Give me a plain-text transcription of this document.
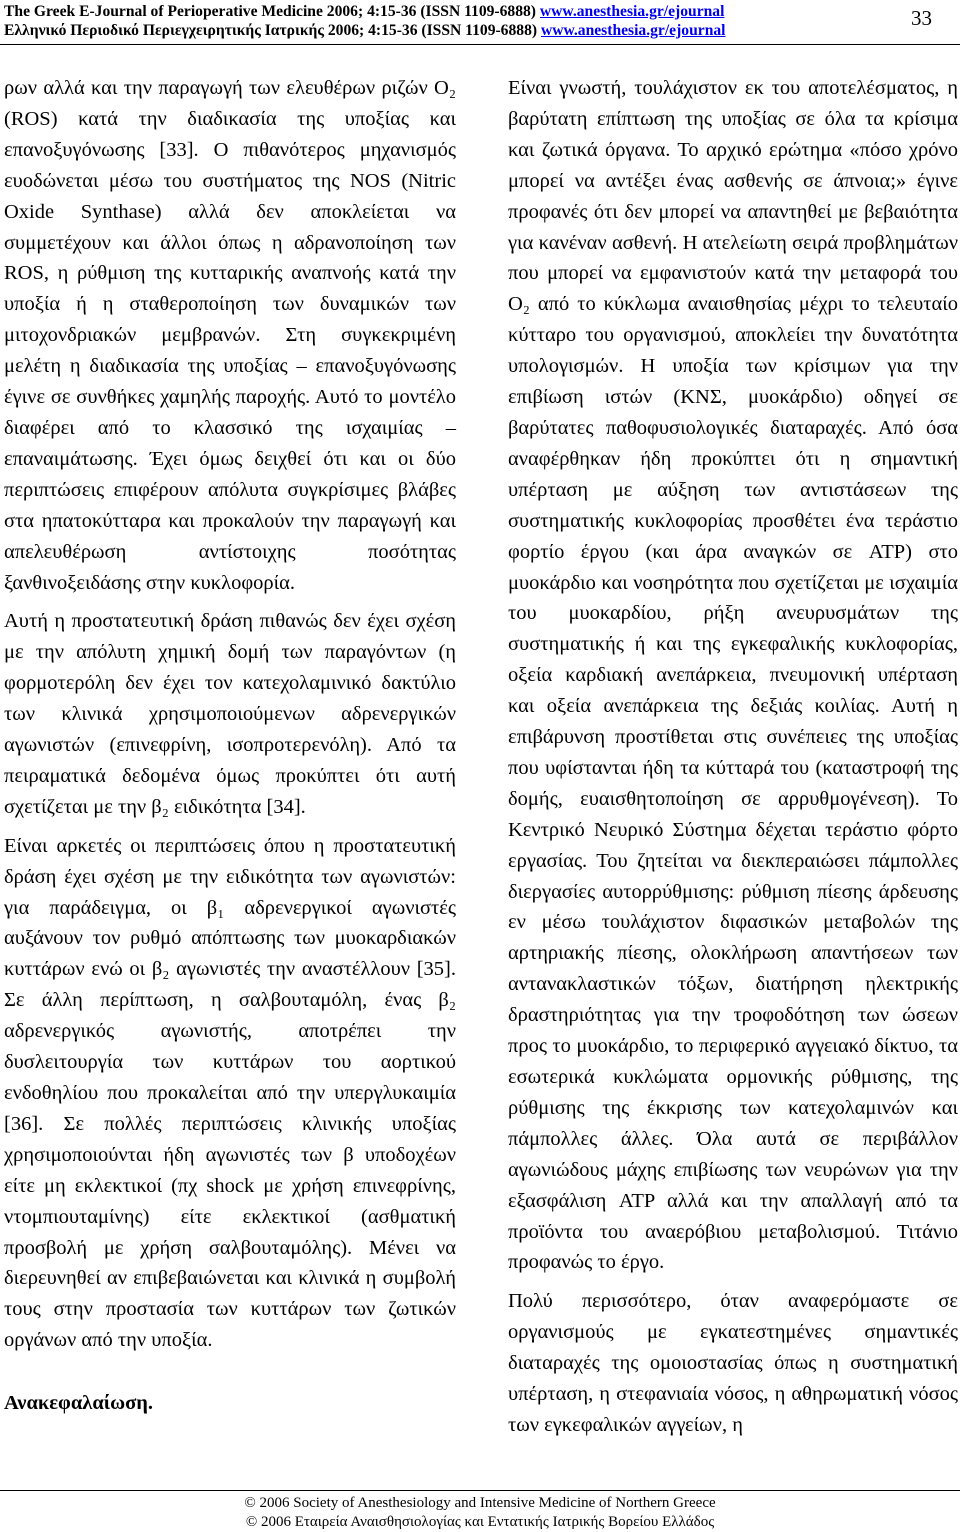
The Greek E-Journal of Perioperative Medicine 2006; 4:15-36 (ISSN 1109-6888) www.anesthesia.gr/ejournal
Ελληνικό Περιοδικό Περιεγχειρητικής Ιατρικής 2006; 4:15-36 (ISSN 1109-6888) www.anesthesia.gr/ejournal
33

ρων αλλά και την παραγωγή των ελευθέρων ριζών O₂ (ROS) κατά την διαδικασία της υποξίας και επανοξυγόνωσης [33]. Ο πιθανότερος μηχανισμός ευοδώνεται μέσω του συστήματος της NOS (Nitric Oxide Synthase) αλλά δεν αποκλείεται να συμμετέχουν και άλλοι όπως η αδρανοποίηση των ROS, η ρύθμιση της κυτταρικής αναπνοής κατά την υποξία ή η σταθεροποίηση των δυναμικών των μιτοχονδριακών μεμβρανών. Στη συγκεκριμένη μελέτη η διαδικασία της υποξίας – επανοξυγόνωσης έγινε σε συνθήκες χαμηλής παροχής. Αυτό το μοντέλο διαφέρει από το κλασσικό της ισχαιμίας – επαναιμάτωσης. Έχει όμως δειχθεί ότι και οι δύο περιπτώσεις επιφέρουν απόλυτα συγκρίσιμες βλάβες στα ηπατοκύτταρα και προκαλούν την παραγωγή και απελευθέρωση αντίστοιχης ποσότητας ξανθινοξειδάσης στην κυκλοφορία.

Αυτή η προστατευτική δράση πιθανώς δεν έχει σχέση με την απόλυτη χημική δομή των παραγόντων (η φορμοτερόλη δεν έχει τον κατεχολαμινικό δακτύλιο των κλινικά χρησιμοποιούμενων αδρενεργικών αγωνιστών (επινεφρίνη, ισοπροτερενόλη). Από τα πειραματικά δεδομένα όμως προκύπτει ότι αυτή σχετίζεται με την β₂ ειδικότητα [34].

Είναι αρκετές οι περιπτώσεις όπου η προστατευτική δράση έχει σχέση με την ειδικότητα των αγωνιστών: για παράδειγμα, οι β₁ αδρενεργικοί αγωνιστές αυξάνουν τον ρυθμό απόπτωσης των μυοκαρδιακών κυττάρων ενώ οι β₂ αγωνιστές την αναστέλλουν [35]. Σε άλλη περίπτωση, η σαλβουταμόλη, ένας β₂ αδρενεργικός αγωνιστής, αποτρέπει την δυσλειτουργία των κυττάρων του αορτικού ενδοθηλίου που προκαλείται από την υπεργλυκαιμία [36]. Σε πολλές περιπτώσεις κλινικής υποξίας χρησιμοποιούνται ήδη αγωνιστές των β υποδοχέων είτε μη εκλεκτικοί (πχ shock με χρήση επινεφρίνης, ντομπιουταμίνης) είτε εκλεκτικοί (ασθματική προσβολή με χρήση σαλβουταμόλης). Μένει να διερευνηθεί αν επιβεβαιώνεται και κλινικά η συμβολή τους στην προστασία των κυττάρων των ζωτικών οργάνων από την υποξία.

Ανακεφαλαίωση.

Είναι γνωστή, τουλάχιστον εκ του αποτελέσματος, η βαρύτατη επίπτωση της υποξίας σε όλα τα κρίσιμα και ζωτικά όργανα. Το αρχικό ερώτημα «πόσο χρόνο μπορεί να αντέξει ένας ασθενής σε άπνοια;» έγινε προφανές ότι δεν μπορεί να απαντηθεί με βεβαιότητα για κανέναν ασθενή. Η ατελείωτη σειρά προβλημάτων που μπορεί να εμφανιστούν κατά την μεταφορά του O₂ από το κύκλωμα αναισθησίας μέχρι το τελευταίο κύτταρο του οργανισμού, αποκλείει την δυνατότητα υπολογισμών. Η υποξία των κρίσιμων για την επιβίωση ιστών (ΚΝΣ, μυοκάρδιο) οδηγεί σε βαρύτατες παθοφυσιολογικές διαταραχές. Από όσα αναφέρθηκαν ήδη προκύπτει ότι η σημαντική υπέρταση με αύξηση των αντιστάσεων της συστηματικής κυκλοφορίας προσθέτει ένα τεράστιο φορτίο έργου (και άρα αναγκών σε ATP) στο μυοκάρδιο και νοσηρότητα που σχετίζεται με ισχαιμία του μυοκαρδίου, ρήξη ανευρυσμάτων της συστηματικής ή και της εγκεφαλικής κυκλοφορίας, οξεία καρδιακή ανεπάρκεια, πνευμονική υπέρταση και οξεία ανεπάρκεια της δεξιάς κοιλίας. Αυτή η επιβάρυνση προστίθεται στις συνέπειες της υποξίας που υφίστανται ήδη τα κύτταρά του (καταστροφή της δομής, ευαισθητοποίηση σε αρρυθμογένεση). Το Κεντρικό Νευρικό Σύστημα δέχεται τεράστιο φόρτο εργασίας. Του ζητείται να διεκπεραιώσει πάμπολλες διεργασίες αυτορρύθμισης: ρύθμιση πίεσης άρδευσης εν μέσω τουλάχιστον διφασικών μεταβολών της αρτηριακής πίεσης, ολοκλήρωση απαντήσεων των αντανακλαστικών τόξων, διατήρηση ηλεκτρικής δραστηριότητας για την τροφοδότηση των ώσεων προς το μυοκάρδιο, το περιφερικό αγγειακό δίκτυο, τα εσωτερικά κυκλώματα ορμονικής ρύθμισης, της ρύθμισης της έκκρισης των κατεχολαμινών και πάμπολλες άλλες. Όλα αυτά σε περιβάλλον αγωνιώδους μάχης επιβίωσης των νευρώνων για την εξασφάλιση ATP αλλά και την απαλλαγή από τα προϊόντα του αναερόβιου μεταβολισμού. Τιτάνιο προφανώς το έργο.

Πολύ περισσότερο, όταν αναφερόμαστε σε οργανισμούς με εγκατεστημένες σημαντικές διαταραχές της ομοιοστασίας όπως η συστηματική υπέρταση, η στεφανιαία νόσος, η αθηρωματική νόσος των εγκεφαλικών αγγείων, η

© 2006 Society of Anesthesiology and Intensive Medicine of Northern Greece
© 2006 Εταιρεία Αναισθησιολογίας και Εντατικής Ιατρικής Βορείου Ελλάδος
